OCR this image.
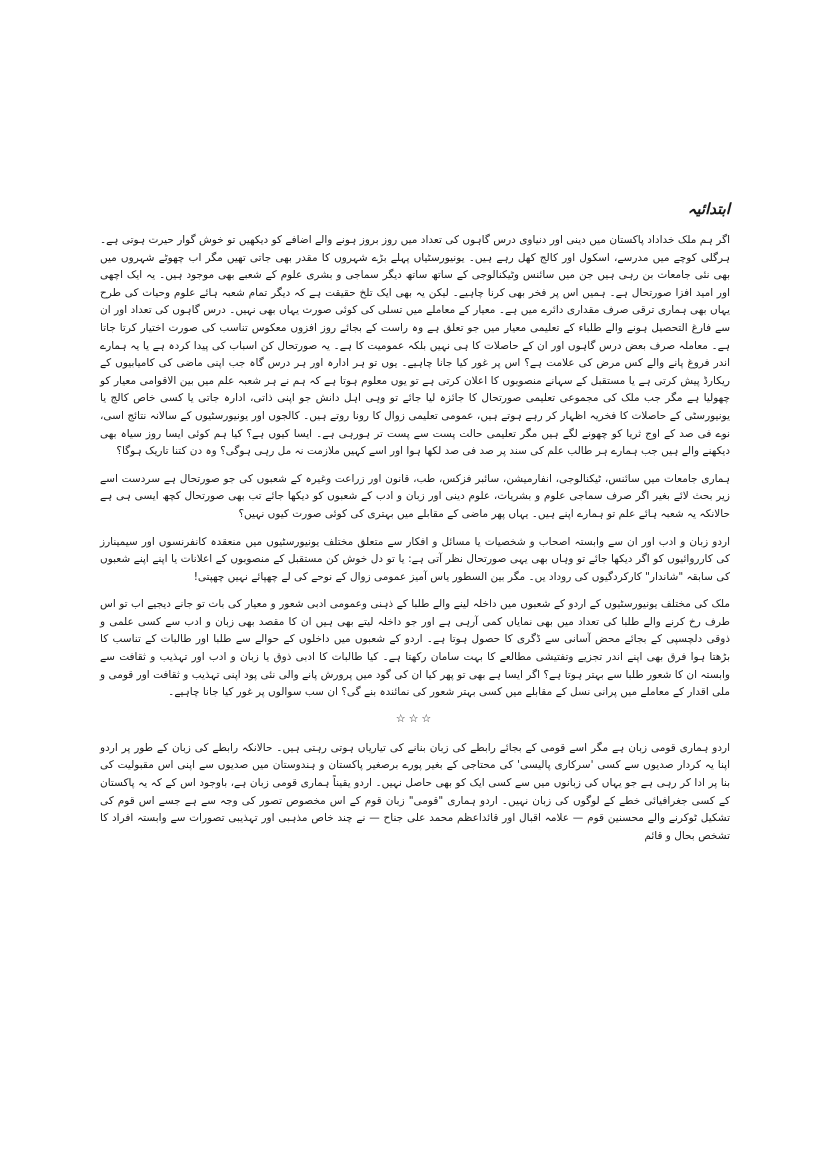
ابتدائیہ

اگر ہم ملک خداداد پاکستان میں دینی اور دنیاوی درس گاہوں کی تعداد میں روز بروز ہونے والے اضافے کو دیکھیں تو خوش گوار حیرت ہوتی ہے۔ ہرگلی کوچے میں مدرسے، اسکول اور کالج کھل رہے ہیں۔ یونیورسٹیاں پہلے بڑے شہروں کا مقدر بھی جاتی تھیں مگر اب چھوٹے شہروں میں بھی نئی جامعات بن رہی ہیں جن میں سائنس وٹیکنالوجی کے ساتھ ساتھ دیگر سماجی و بشری علوم کے شعبے بھی موجود ہیں۔ یہ ایک اچھی اور امید افزا صورتحال ہے۔ ہمیں اس پر فخر بھی کرنا چاہیے۔ لیکن یہ بھی ایک تلخ حقیقت ہے کہ دیگر تمام شعبہ ہائے علوم وحیات کی طرح یہاں بھی ہماری ترقی صرف مقداری دائرے میں ہے۔ معیار کے معاملے میں تسلی کی کوئی صورت یہاں بھی نہیں۔ درس گاہوں کی تعداد اور ان سے فارغ التحصیل ہونے والے طلباء کے تعلیمی معیار میں جو تعلق ہے وہ راست کے بجائے روز افزوں معکوس تناسب کی صورت اختیار کرتا جاتا ہے۔ معاملہ صرف بعض درس گاہوں اور ان کے حاصلات کا ہی نہیں بلکہ عمومیت کا ہے۔ یہ صورتحال کن اسباب کی پیدا کردہ ہے یا یہ ہمارے اندر فروغ پانے والے کس مرض کی علامت ہے؟ اس پر غور کیا جانا چاہیے۔ یوں تو ہر ادارہ اور ہر درس گاہ جب اپنی ماضی کی کامیابیوں کے ریکارڈ پیش کرتی ہے یا مستقبل کے سہانے منصوبوں کا اعلان کرتی ہے تو یوں معلوم ہوتا ہے کہ ہم نے ہر شعبہ علم میں بین الاقوامی معیار کو چھولیا ہے مگر جب ملک کی مجموعی تعلیمی صورتحال کا جائزہ لیا جائے تو وہی اہل دانش جو اپنی ذاتی، ادارہ جاتی یا کسی خاص کالج یا یونیورسٹی کے حاصلات کا فخریہ اظہار کر رہے ہوتے ہیں، عمومی تعلیمی زوال کا رونا روتے ہیں۔ کالجوں اور یونیورسٹیوں کے سالانہ نتائج اسی، نوے فی صد کے اوج ثریا کو چھونے لگے ہیں مگر تعلیمی حالت پست سے پست تر ہورہی ہے۔ ایسا کیوں ہے؟ کیا ہم کوئی ایسا روز سیاہ بھی دیکھنے والے ہیں جب ہمارے ہر طالب علم کی سند پر صد فی صد لکھا ہوا اور اسے کہیں ملازمت نہ مل رہی ہوگی؟ وہ دن کتنا تاریک ہوگا؟

ہماری جامعات میں سائنس، ٹیکنالوجی، انفارمیشن، سائبر فزکس، طب، قانون اور زراعت وغیرہ کے شعبوں کی جو صورتحال ہے سردست اسے زیر بحث لائے بغیر اگر صرف سماجی علوم و بشریات، علوم دینی اور زبان و ادب کے شعبوں کو دیکھا جائے تب بھی صورتحال کچھ ایسی ہی ہے حالانکہ یہ شعبہ ہائے علم تو ہمارے اپنے ہیں۔ یہاں پھر ماضی کے مقابلے میں بہتری کی کوئی صورت کیوں نہیں؟

اردو زبان و ادب اور ان سے وابستہ اصحاب و شخصیات یا مسائل و افکار سے متعلق مختلف یونیورسٹیوں میں منعقدہ کانفرنسوں اور سیمینارز کی کارروائیوں کو اگر دیکھا جائے تو وہاں بھی یہی صورتحال نظر آتی ہے: یا تو دل خوش کن مستقبل کے منصوبوں کے اعلانات یا اپنے اپنے شعبوں کی سابقہ "شاندار" کارکردگیوں کی روداد یں۔ مگر بین السطور یاس آمیز عمومی زوال کے نوحے کی لے چھپائے نہیں چھپتی!

ملک کی مختلف یونیورسٹیوں کے اردو کے شعبوں میں داخلہ لینے والے طلبا کے ذہنی وعمومی ادبی شعور و معیار کی بات تو جانے دیجیے اب تو اس طرف رخ کرنے والے طلبا کی تعداد میں بھی نمایاں کمی آرہی ہے اور جو داخلہ لیتے بھی ہیں ان کا مقصد بھی زبان و ادب سے کسی علمی و ذوقی دلچسپی کے بجائے محض آسانی سے ڈگری کا حصول ہوتا ہے۔ اردو کے شعبوں میں داخلوں کے حوالے سے طلبا اور طالبات کے تناسب کا بڑھتا ہوا فرق بھی اپنے اندر تجزیے وتفتیشی مطالعے کا بہت سامان رکھتا ہے۔ کیا طالبات کا ادبی ذوق یا زبان و ادب اور تہذیب و ثقافت سے وابستہ ان کا شعور طلبا سے بہتر ہوتا ہے؟ اگر ایسا ہے بھی تو پھر کیا ان کی گود میں پرورش پانے والی نئی پود اپنی تہذیب و ثقافت اور قومی و ملی اقدار کے معاملے میں پرانی نسل کے مقابلے میں کسی بہتر شعور کی نمائندہ بنے گی؟ ان سب سوالوں پر غور کیا جانا چاہیے۔

☆☆☆

اردو ہماری قومی زبان ہے مگر اسے قومی کے بجائے رابطے کی زبان بنانے کی تیاریاں ہوتی رہتی ہیں۔ حالانکہ رابطے کی زبان کے طور پر اردو اپنا یہ کردار صدیوں سے کسی 'سرکاری پالیسی' کی محتاجی کے بغیر پورے برصغیر پاکستان و ہندوستان میں صدیوں سے اپنی اس مقبولیت کی بنا پر ادا کر رہی ہے جو یہاں کی زبانوں میں سے کسی ایک کو بھی حاصل نہیں۔ اردو یقیناً ہماری قومی زبان ہے، باوجود اس کے کہ یہ پاکستان کے کسی جغرافیائی خطے کے لوگوں کی زبان نہیں۔ اردو ہماری "قومی" زبان قوم کے اس مخصوص تصور کی وجہ سے ہے جسے اس قوم کی تشکیل ٹوکرنے والے محسنین قوم — علامہ اقبال اور قائداعظم محمد علی جناح — نے چند خاص مذہبی اور تہذیبی تصورات سے وابستہ افراد کا تشخص بحال و قائم
